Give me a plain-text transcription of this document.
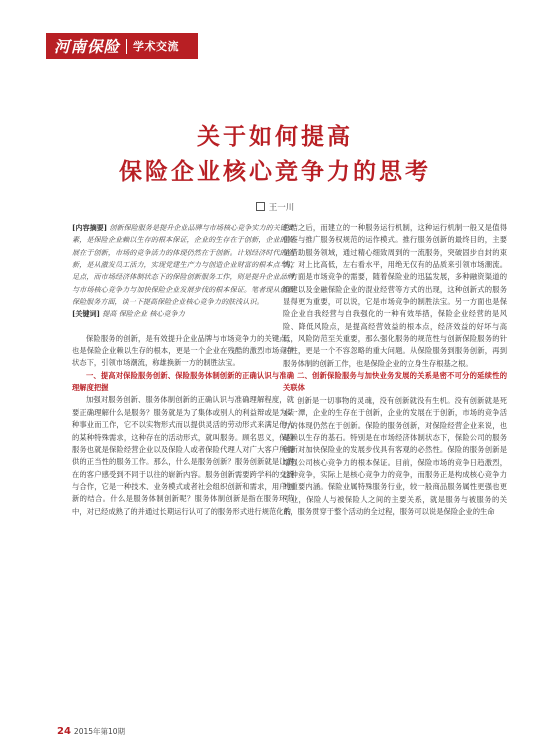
河南保险 学术交流
关于如何提高
保险企业核心竞争力的思考
王一川
[内容摘要] 创新保险服务是提升企业品牌与市场核心竞争实力的关键要素，是保险企业赖以生存的根本保证，企业的生存在于创新，企业的发展在于创新，市场的竞争活力的体现仍然在于创新。计划经济时代的创新，是从激发员工活力，实现党建生产力与创造企业财富的根本点与立足点，而市场经济体制状态下的保险创新服务工作，则是提升企业品牌与市场核心竞争力与加快保险企业发展步伐的根本保证。笔者现从创新保险服务方面，谈一下提高保险企业核心竞争力的肤浅认识。
[关键词] 提高 保险企业 核心竞争力

保险服务的创新，是有效提升企业品牌与市场竞争力的关键点，也是保险企业赖以生存的根本，更是一个企业在残酷的激烈市场竞争状态下，引领市场潮流，称雄换新一方的制胜法宝。

一、提高对保险服务创新、保险服务体制创新的正确认识与准确理解度把握

加强对服务创新、服务体制创新的正确认识与准确理解程度，就要正确理解什么是服务？服务就是为了集体或别人的利益辩或是为某种事业而工作，它不以实物形式而以提供灵活的劳动形式来满足他人的某种特殊需求，这种存在的活动形式，就叫服务。顾名思义，保险服务也就是保险经营企业以及保险人或者保险代理人对广大客户所提供的正当性的服务工作。那么，什么是服务创新？服务创新就是让潜在的客户感受到不同于以往的崭新内容。服务创新需要跨学科的交流与合作，它是一种技术、业务模式或者社会组织创新和需求，用户创新的结合。什么是服务体制创新呢？服务体制创新是指在服务环节中，对已经成熟了的并通过长期运行认可了的服务形式进行规范化的

总结之后，而建立的一种服务运行机制，这种运行机制一般又是值得借鉴与推广服务权规范的运作模式。推行服务创新的最终目的，主要是借助服务领域，通过精心细致周到的一流服务，突破固步自封的束缚，对上比高低，左右看水平，用绝无仅有的品质来引领市场潮流。一方面是市场竞争的需要，随着保险业的迅猛发展，多种融资渠道的组建以及金融保险企业的混业经营等方式的出现，这种创新式的服务显得更为重要，可以说，它是市场竞争的制胜法宝。另一方面也是保险企业自我经营与自我强化的一种有效举措，保险企业经营的是风险、降低风险点，是提高经营效益的根本点，经济效益的好坏与高低，风险防范至关重要，那么强化服务的规范性与创新保险服务的针对性，更是一个不容忽略的重大问题。从保险服务到服务创新，再到服务体制的创新工作，也是保险企业的立身生存根基之根。

二、创新保险服务与加快业务发展的关系是密不可分的延续性的关联体

创新是一切事物的灵魂，没有创新就没有生机。没有创新就是死水一潭，企业的生存在于创新，企业的发展在于创新，市场的竞争活力的体现仍然在于创新。保险的服务创新，对保险经营企业来说，也是赖以生存的基石。特别是在市场经济体制状态下，保险公司的服务创新对加快保险业的发展步伐具有客观的必然性。保险的服务创新是增强公司核心竞争力的根本保证。目前，保险市场的竞争日趋激烈，这种竞争，实际上是核心竞争力的竞争，而服务正是构成核心竞争力的重要内涵。保险业属特殊服务行业，较一般商品服务属性更强也更专业，保险人与被保险人之间的主要关系，就是服务与被服务的关系，服务贯穿于整个活动的全过程，服务可以说是保险企业的生命

24 2015年第10期
